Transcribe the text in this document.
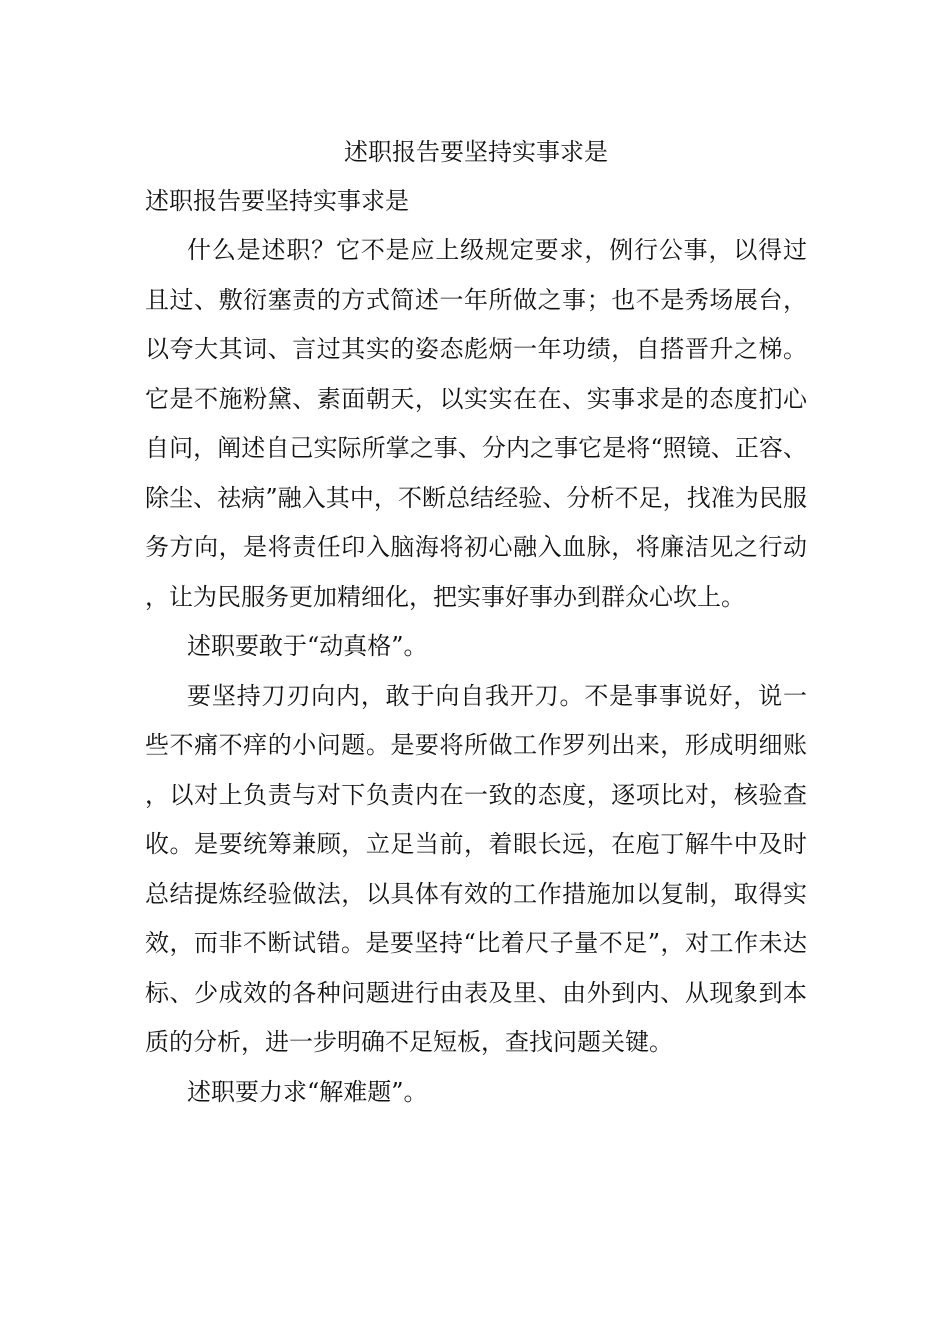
述职报告要坚持实事求是

述职报告要坚持实事求是

什么是述职？它不是应上级规定要求，例行公事，以得过且过、敷衍塞责的方式简述一年所做之事；也不是秀场展台，以夸大其词、言过其实的姿态彪炳一年功绩，自搭晋升之梯。它是不施粉黛、素面朝天，以实实在在、实事求是的态度扪心自问，阐述自己实际所掌之事、分内之事它是将“照镜、正容、除尘、祛病”融入其中，不断总结经验、分析不足，找准为民服务方向，是将责任印入脑海将初心融入血脉，将廉洁见之行动，让为民服务更加精细化，把实事好事办到群众心坎上。

述职要敢于“动真格”。

要坚持刀刃向内，敢于向自我开刀。不是事事说好，说一些不痛不痒的小问题。是要将所做工作罗列出来，形成明细账，以对上负责与对下负责内在一致的态度，逐项比对，核验查收。是要统筹兼顾，立足当前，着眼长远，在庖丁解牛中及时总结提炼经验做法，以具体有效的工作措施加以复制，取得实效，而非不断试错。是要坚持“比着尺子量不足”，对工作未达标、少成效的各种问题进行由表及里、由外到内、从现象到本质的分析，进一步明确不足短板，查找问题关键。

述职要力求“解难题”。
